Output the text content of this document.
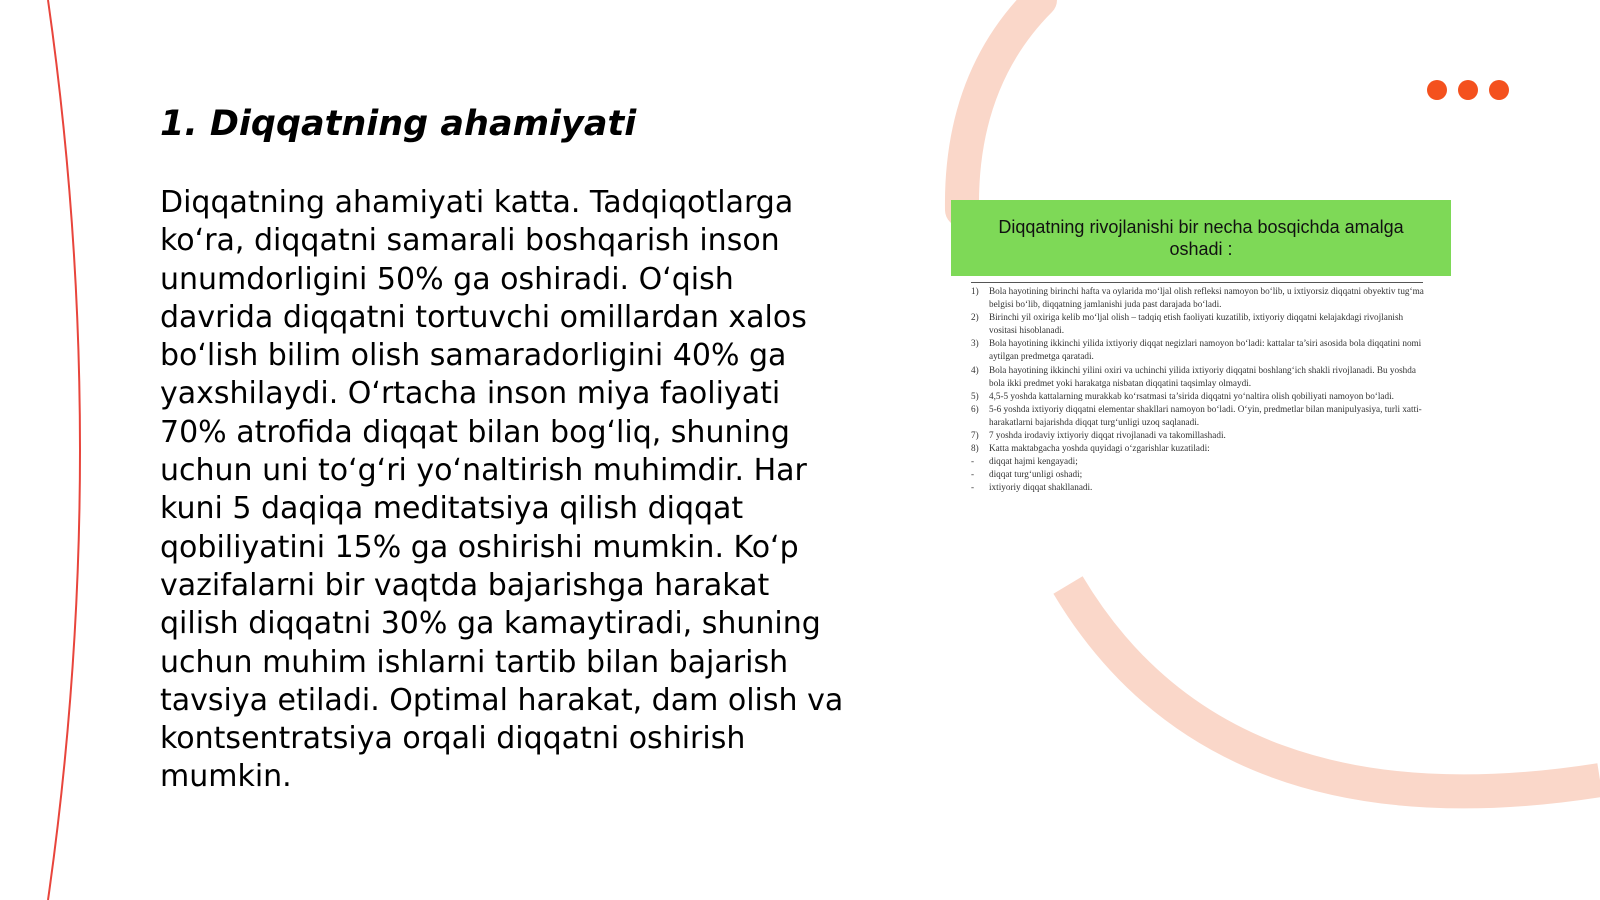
1. Diqqatning ahamiyati

Diqqatning ahamiyati katta. Tadqiqotlarga ko‘ra, diqqatni samarali boshqarish inson unumdorligini 50% ga oshiradi. O‘qish davrida diqqatni tortuvchi omillardan xalos bo‘lish bilim olish samaradorligini 40% ga yaxshilaydi. O‘rtacha inson miya faoliyati 70% atrofida diqqat bilan bog‘liq, shuning uchun uni to‘g‘ri yo‘naltirish muhimdir. Har kuni 5 daqiqa meditatsiya qilish diqqat qobiliyatini 15% ga oshirishi mumkin. Ko‘p vazifalarni bir vaqtda bajarishga harakat qilish diqqatni 30% ga kamaytiradi, shuning uchun muhim ishlarni tartib bilan bajarish tavsiya etiladi. Optimal harakat, dam olish va kontsentratsiya orqali diqqatni oshirish mumkin.

Diqqatning rivojlanishi bir necha bosqichda amalga oshadi :
1)	Bola hayotining birinchi hafta va oylarida mo‘ljal olish refleksi namoyon bo‘lib, u ixtiyorsiz diqqatni obyektiv tug‘ma belgisi bo‘lib, diqqatning jamlanishi juda past darajada bo‘ladi.
2)	Birinchi yil oxiriga kelib mo‘ljal olish – tadqiq etish faoliyati kuzatilib, ixtiyoriy diqqatni kelajakdagi rivojlanish vositasi hisoblanadi.
3)	Bola hayotining ikkinchi yilida ixtiyoriy diqqat negizlari namoyon bo‘ladi: kattalar ta’siri asosida bola diqqatini nomi aytilgan predmetga qaratadi.
4)	Bola hayotining ikkinchi yilini oxiri va uchinchi yilida ixtiyoriy diqqatni boshlang‘ich shakli rivojlanadi. Bu yoshda bola ikki predmet yoki harakatga nisbatan diqqatini taqsimlay olmaydi.
5)	4,5-5 yoshda kattalarning murakkab ko‘rsatmasi ta’sirida diqqatni yo‘naltira olish qobiliyati namoyon bo‘ladi.
6)	5-6 yoshda ixtiyoriy diqqatni elementar shakllari namoyon bo‘ladi. O‘yin, predmetlar bilan manipulyasiya, turli xatti-harakatlarni bajarishda diqqat turg‘unligi uzoq saqlanadi.
7)	7 yoshda irodaviy ixtiyoriy diqqat rivojlanadi va takomillashadi.
8)	Katta maktabgacha yoshda quyidagi o‘zgarishlar kuzatiladi:
-	diqqat hajmi kengayadi;
-	diqqat turg‘unligi oshadi;
-	ixtiyoriy diqqat shakllanadi.
